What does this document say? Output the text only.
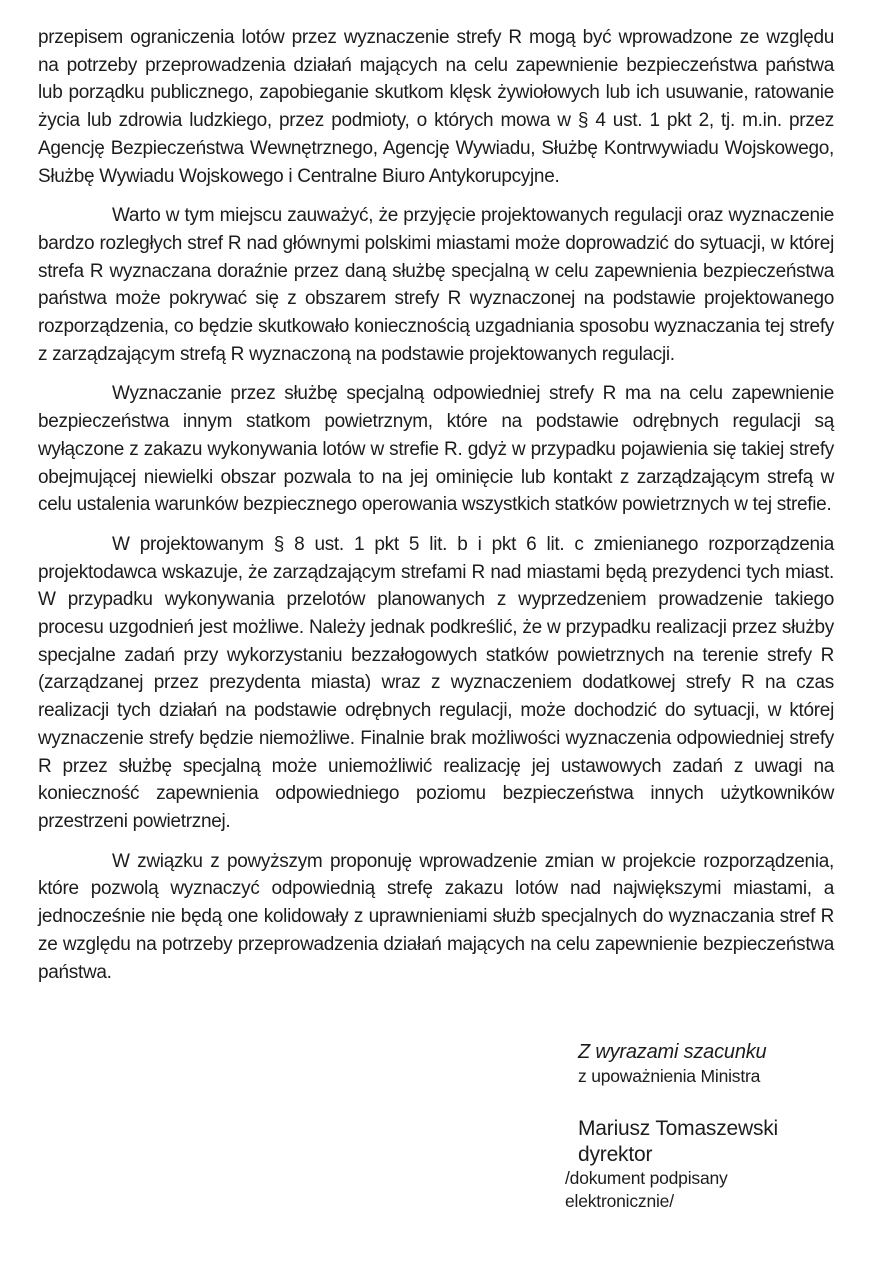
przepisem ograniczenia lotów przez wyznaczenie strefy R mogą być wprowadzone ze względu na potrzeby przeprowadzenia działań mających na celu zapewnienie bezpieczeństwa państwa lub porządku publicznego, zapobieganie skutkom klęsk żywiołowych lub ich usuwanie, ratowanie życia lub zdrowia ludzkiego, przez podmioty, o których mowa w § 4 ust. 1 pkt 2, tj. m.in. przez Agencję Bezpieczeństwa Wewnętrznego, Agencję Wywiadu, Służbę Kontrwywiadu Wojskowego, Służbę Wywiadu Wojskowego i Centralne Biuro Antykorupcyjne.

Warto w tym miejscu zauważyć, że przyjęcie projektowanych regulacji oraz wyznaczenie bardzo rozległych stref R nad głównymi polskimi miastami może doprowadzić do sytuacji, w której strefa R wyznaczana doraźnie przez daną służbę specjalną w celu zapewnienia bezpieczeństwa państwa może pokrywać się z obszarem strefy R wyznaczonej na podstawie projektowanego rozporządzenia, co będzie skutkowało koniecznością uzgadniania sposobu wyznaczania tej strefy z zarządzającym strefą R wyznaczoną na podstawie projektowanych regulacji.

Wyznaczanie przez służbę specjalną odpowiedniej strefy R ma na celu zapewnienie bezpieczeństwa innym statkom powietrznym, które na podstawie odrębnych regulacji są wyłączone z zakazu wykonywania lotów w strefie R. gdyż w przypadku pojawienia się takiej strefy obejmującej niewielki obszar pozwala to na jej ominięcie lub kontakt z zarządzającym strefą w celu ustalenia warunków bezpiecznego operowania wszystkich statków powietrznych w tej strefie.

W projektowanym § 8 ust. 1 pkt 5 lit. b i pkt 6 lit. c zmienianego rozporządzenia projektodawca wskazuje, że zarządzającym strefami R nad miastami będą prezydenci tych miast. W przypadku wykonywania przelotów planowanych z wyprzedzeniem prowadzenie takiego procesu uzgodnień jest możliwe. Należy jednak podkreślić, że w przypadku realizacji przez służby specjalne zadań przy wykorzystaniu bezzałogowych statków powietrznych na terenie strefy R (zarządzanej przez prezydenta miasta) wraz z wyznaczeniem dodatkowej strefy R na czas realizacji tych działań na podstawie odrębnych regulacji, może dochodzić do sytuacji, w której wyznaczenie strefy będzie niemożliwe. Finalnie brak możliwości wyznaczenia odpowiedniej strefy R przez służbę specjalną może uniemożliwić realizację jej ustawowych zadań z uwagi na konieczność zapewnienia odpowiedniego poziomu bezpieczeństwa innych użytkowników przestrzeni powietrznej.

W związku z powyższym proponuję wprowadzenie zmian w projekcie rozporządzenia, które pozwolą wyznaczyć odpowiednią strefę zakazu lotów nad największymi miastami, a jednocześnie nie będą one kolidowały z uprawnieniami służb specjalnych do wyznaczania stref R ze względu na potrzeby przeprowadzenia działań mających na celu zapewnienie bezpieczeństwa państwa.

Z wyrazami szacunku
z upoważnienia Ministra
Mariusz Tomaszewski
dyrektor
/dokument podpisany elektronicznie/
